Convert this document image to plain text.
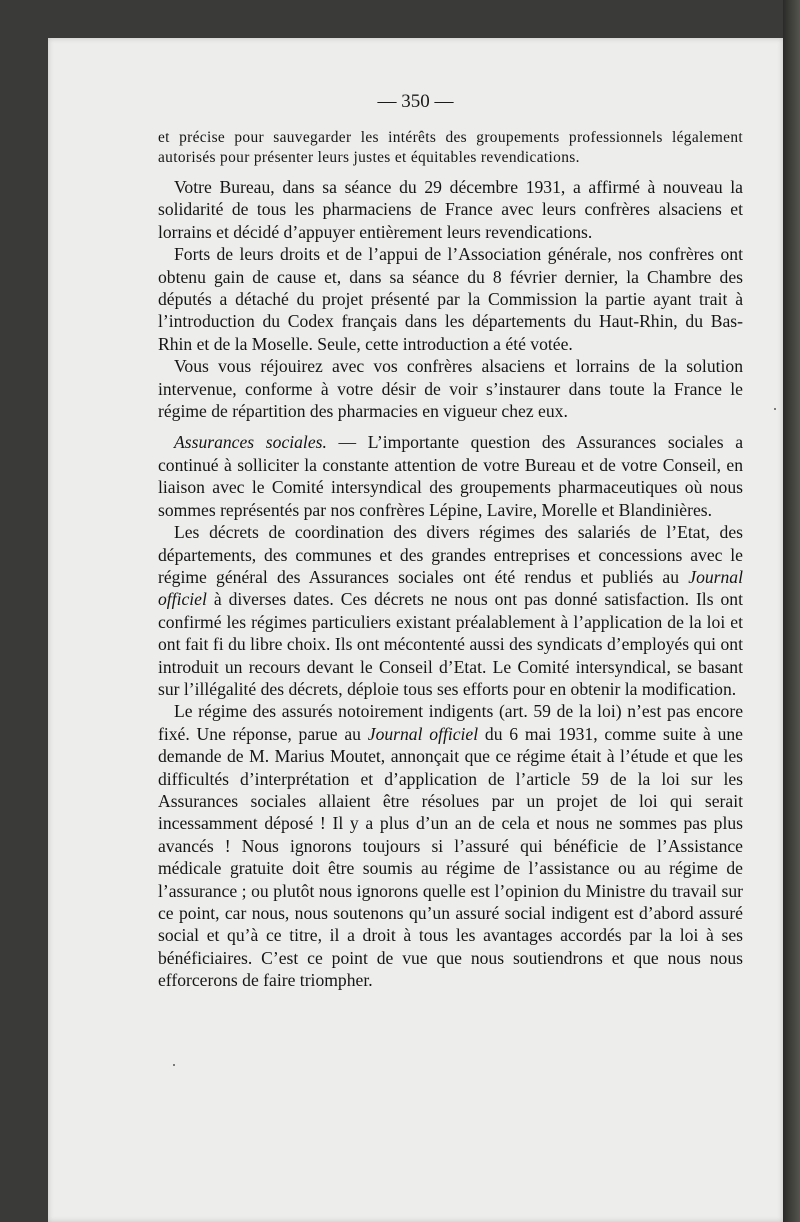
— 350 —

et précise pour sauvegarder les intérêts des groupements professionnels légalement autorisés pour présenter leurs justes et équitables revendications.

Votre Bureau, dans sa séance du 29 décembre 1931, a affirmé à nouveau la solidarité de tous les pharmaciens de France avec leurs confrères alsaciens et lorrains et décidé d’appuyer entièrement leurs revendications.

Forts de leurs droits et de l’appui de l’Association générale, nos confrères ont obtenu gain de cause et, dans sa séance du 8 février dernier, la Chambre des députés a détaché du projet présenté par la Commission la partie ayant trait à l’introduction du Codex français dans les départements du Haut-Rhin, du Bas-Rhin et de la Moselle. Seule, cette introduction a été votée.

Vous vous réjouirez avec vos confrères alsaciens et lorrains de la solution intervenue, conforme à votre désir de voir s’instaurer dans toute la France le régime de répartition des pharmacies en vigueur chez eux.

Assurances sociales. — L’importante question des Assurances sociales a continué à solliciter la constante attention de votre Bureau et de votre Conseil, en liaison avec le Comité intersyndical des groupements pharmaceutiques où nous sommes représentés par nos confrères Lépine, Lavire, Morelle et Blandinières.

Les décrets de coordination des divers régimes des salariés de l’Etat, des départements, des communes et des grandes entreprises et concessions avec le régime général des Assurances sociales ont été rendus et publiés au Journal officiel à diverses dates. Ces décrets ne nous ont pas donné satisfaction. Ils ont confirmé les régimes particuliers existant préalablement à l’application de la loi et ont fait fi du libre choix. Ils ont mécontenté aussi des syndicats d’employés qui ont introduit un recours devant le Conseil d’Etat. Le Comité intersyndical, se basant sur l’illégalité des décrets, déploie tous ses efforts pour en obtenir la modification.

Le régime des assurés notoirement indigents (art. 59 de la loi) n’est pas encore fixé. Une réponse, parue au Journal officiel du 6 mai 1931, comme suite à une demande de M. Marius Moutet, annonçait que ce régime était à l’étude et que les difficultés d’interprétation et d’application de l’article 59 de la loi sur les Assurances sociales allaient être résolues par un projet de loi qui serait incessamment déposé ! Il y a plus d’un an de cela et nous ne sommes pas plus avancés ! Nous ignorons toujours si l’assuré qui bénéficie de l’Assistance médicale gratuite doit être soumis au régime de l’assistance ou au régime de l’assurance ; ou plutôt nous ignorons quelle est l’opinion du Ministre du travail sur ce point, car nous, nous soutenons qu’un assuré social indigent est d’abord assuré social et qu’à ce titre, il a droit à tous les avantages accordés par la loi à ses bénéficiaires. C’est ce point de vue que nous soutiendrons et que nous nous efforcerons de faire triompher.
